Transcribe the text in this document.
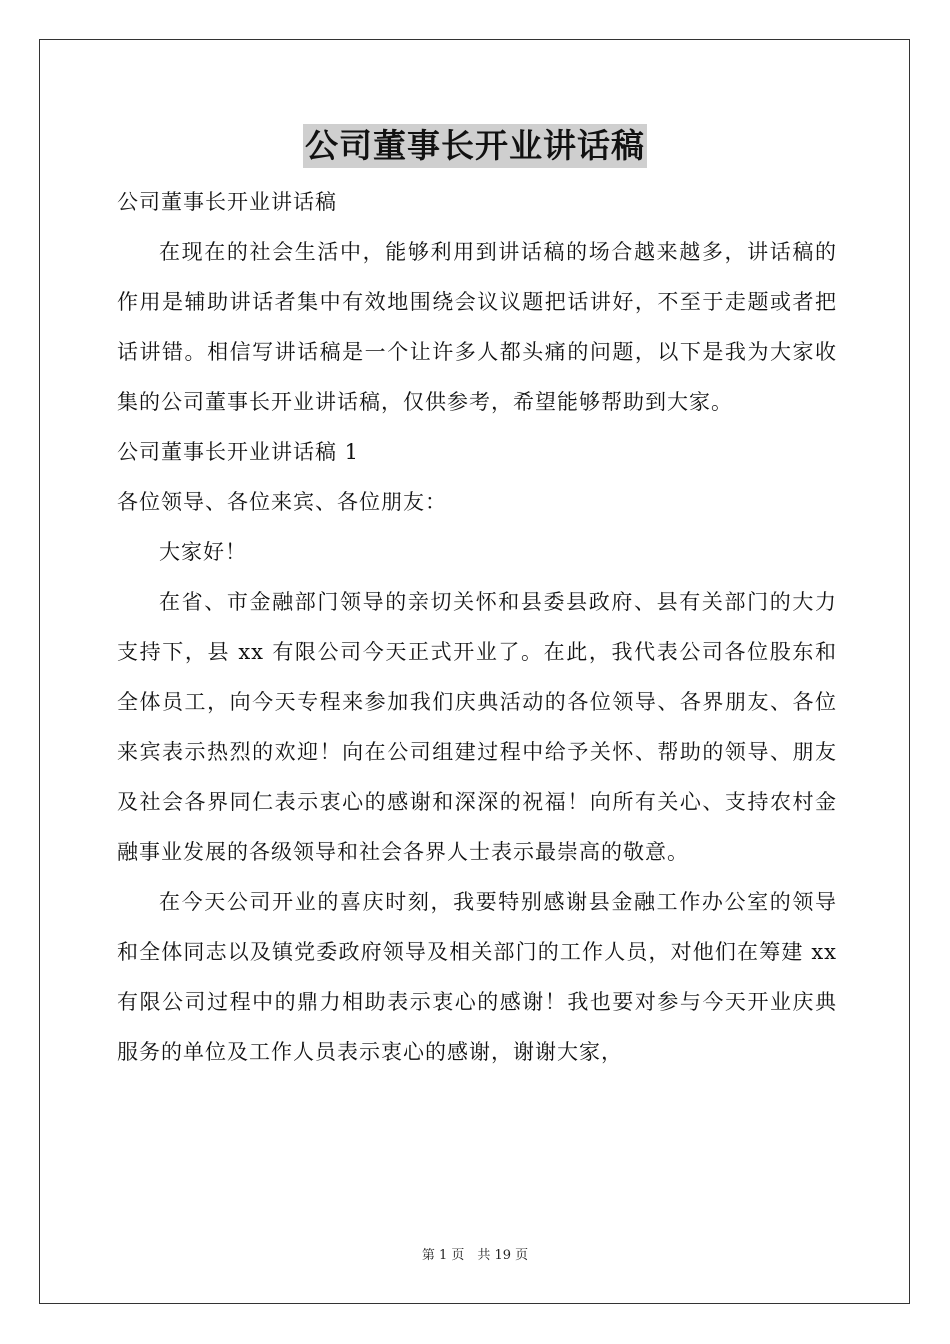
公司董事长开业讲话稿

公司董事长开业讲话稿

在现在的社会生活中，能够利用到讲话稿的场合越来越多，讲话稿的作用是辅助讲话者集中有效地围绕会议议题把话讲好，不至于走题或者把话讲错。相信写讲话稿是一个让许多人都头痛的问题，以下是我为大家收集的公司董事长开业讲话稿，仅供参考，希望能够帮助到大家。

公司董事长开业讲话稿 1

各位领导、各位来宾、各位朋友：

大家好！

在省、市金融部门领导的亲切关怀和县委县政府、县有关部门的大力支持下，县 xx 有限公司今天正式开业了。在此，我代表公司各位股东和全体员工，向今天专程来参加我们庆典活动的各位领导、各界朋友、各位来宾表示热烈的欢迎！向在公司组建过程中给予关怀、帮助的领导、朋友及社会各界同仁表示衷心的感谢和深深的祝福！向所有关心、支持农村金融事业发展的各级领导和社会各界人士表示最崇高的敬意。

在今天公司开业的喜庆时刻，我要特别感谢县金融工作办公室的领导和全体同志以及镇党委政府领导及相关部门的工作人员，对他们在筹建 xx 有限公司过程中的鼎力相助表示衷心的感谢！我也要对参与今天开业庆典服务的单位及工作人员表示衷心的感谢，谢谢大家，

第 1 页　共 19 页
